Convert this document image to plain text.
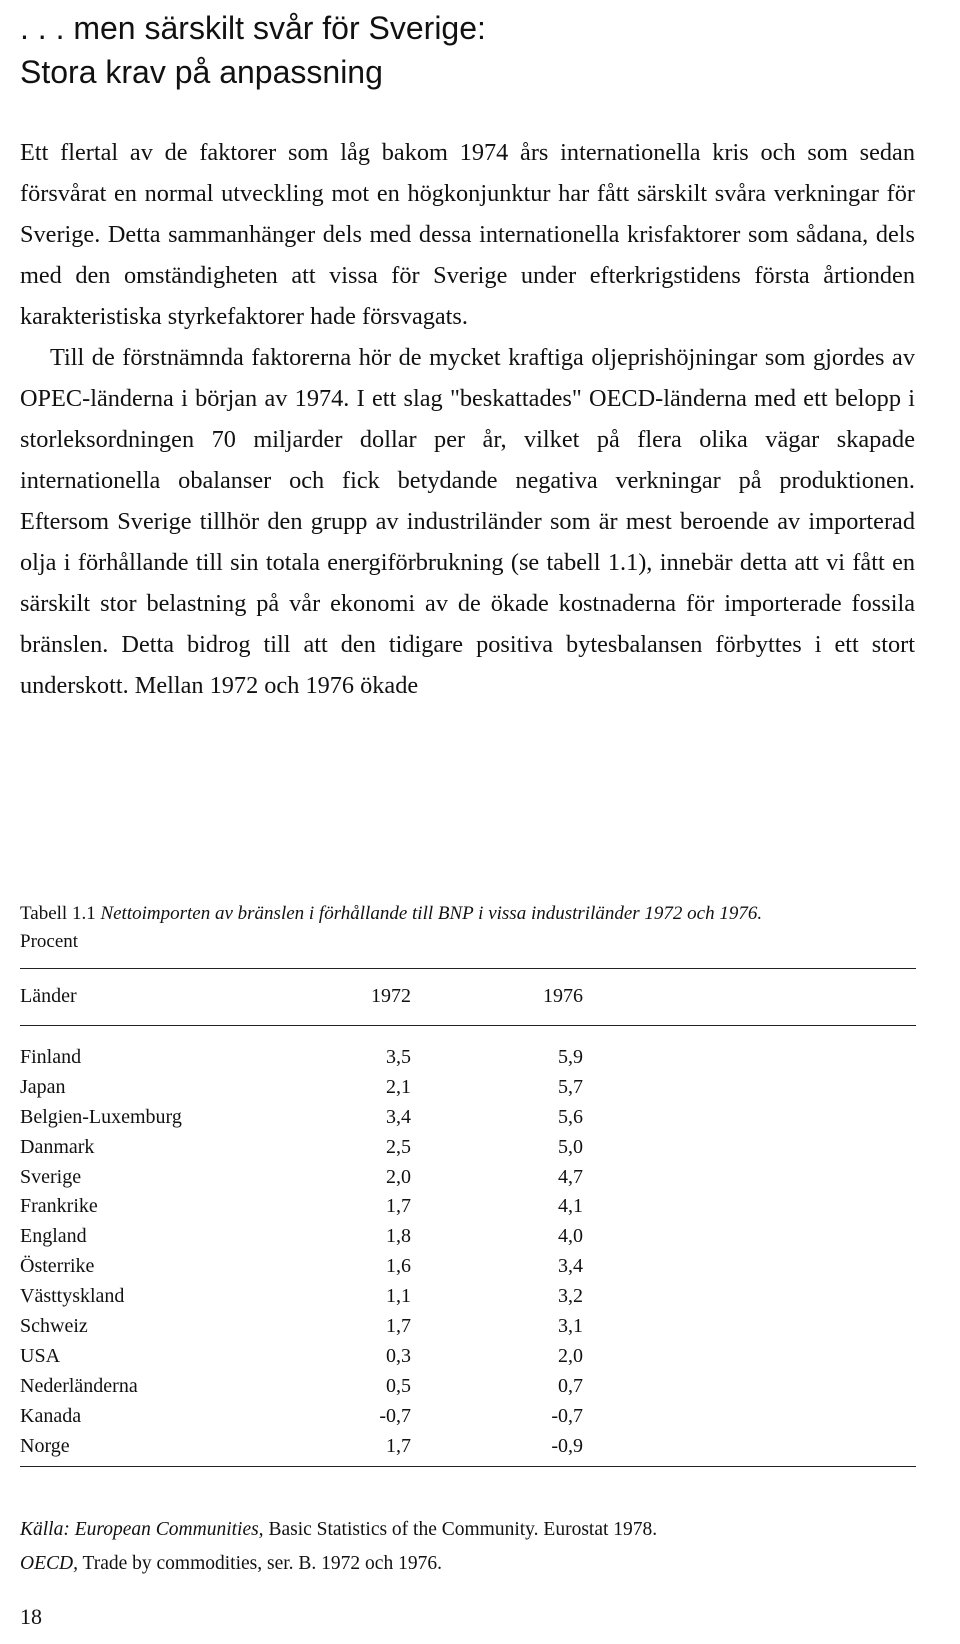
. . . men särskilt svår för Sverige:
Stora krav på anpassning

Ett flertal av de faktorer som låg bakom 1974 års internationella kris och som sedan försvårat en normal utveckling mot en högkonjunktur har fått särskilt svåra verkningar för Sverige. Detta sammanhänger dels med dessa internationella krisfaktorer som sådana, dels med den omständigheten att vissa för Sverige under efterkrigstidens första årtionden karakteristiska styrkefaktorer hade försvagats.

Till de förstnämnda faktorerna hör de mycket kraftiga oljeprishöjningar som gjordes av OPEC-länderna i början av 1974. I ett slag "beskattades" OECD-länderna med ett belopp i storleksordningen 70 miljarder dollar per år, vilket på flera olika vägar skapade internationella obalanser och fick betydande negativa verkningar på produktionen. Eftersom Sverige tillhör den grupp av industriländer som är mest beroende av importerad olja i förhållande till sin totala energiförbrukning (se tabell 1.1), innebär detta att vi fått en särskilt stor belastning på vår ekonomi av de ökade kostnaderna för importerade fossila bränslen. Detta bidrog till att den tidigare positiva bytesbalansen förbyttes i ett stort underskott. Mellan 1972 och 1976 ökade

Tabell 1.1 Nettoimporten av bränslen i förhållande till BNP i vissa industriländer 1972 och 1976.
Procent
Länder	1972	1976
Finland	3,5	5,9
Japan	2,1	5,7
Belgien-Luxemburg	3,4	5,6
Danmark	2,5	5,0
Sverige	2,0	4,7
Frankrike	1,7	4,1
England	1,8	4,0
Österrike	1,6	3,4
Västtyskland	1,1	3,2
Schweiz	1,7	3,1
USA	0,3	2,0
Nederländerna	0,5	0,7
Kanada	-0,7	-0,7
Norge	1,7	-0,9
Källa: European Communities, Basic Statistics of the Community. Eurostat 1978.
OECD, Trade by commodities, ser. B. 1972 och 1976.
18
